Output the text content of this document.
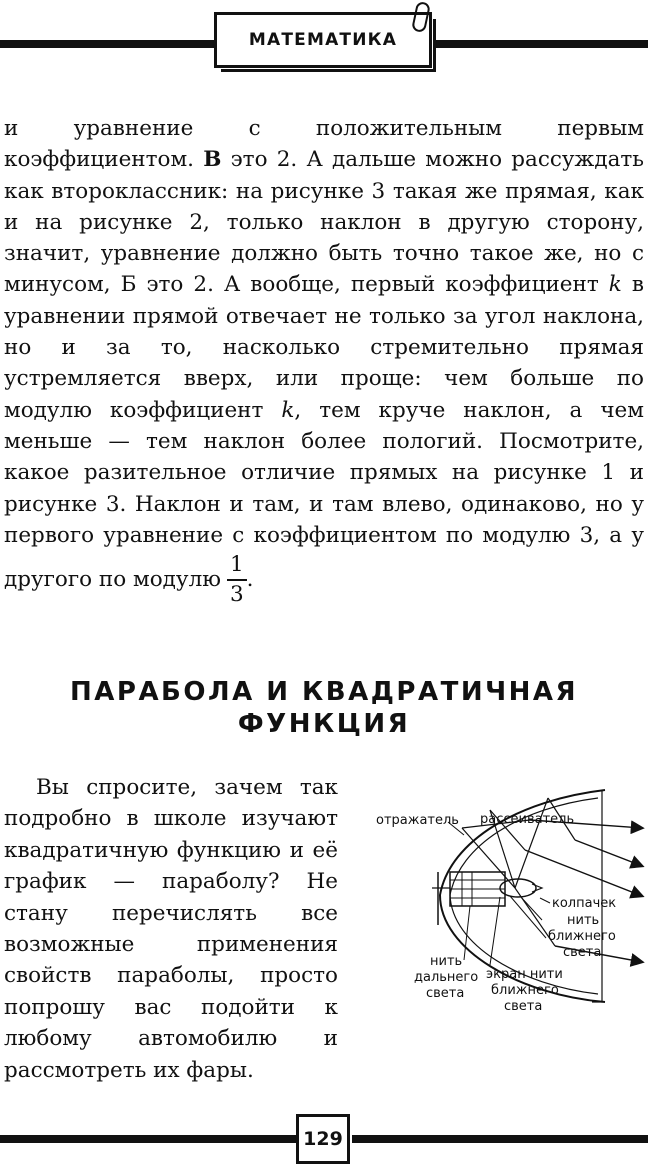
МАТЕМАТИКА

и уравнение с положительным первым коэффициентом. В это 2. А дальше можно рассуждать как второклассник: на рисунке 3 такая же прямая, как и на рисунке 2, только наклон в другую сторону, значит, уравнение должно быть точно такое же, но с минусом, Б это 2. А вообще, первый коэффициент k в уравнении прямой отвечает не только за угол наклона, но и за то, насколько стремительно прямая устремляется вверх, или проще: чем больше по модулю коэффициент k, тем круче наклон, а чем меньше — тем наклон более пологий. Посмотрите, какое разительное отличие прямых на рисунке 1 и рисунке 3. Наклон и там, и там влево, одинаково, но у первого уравнение с коэффициентом по модулю 3, а у другого по модулю $\frac{1}{3}$ .

ПАРАБОЛА И КВАДРАТИЧНАЯ
ФУНКЦИЯ

Вы спросите, зачем так подробно в школе изучают квадратичную функцию и её график — параболу? Не стану перечислять все возможные применения свойств параболы, просто попрошу вас подойти к любому автомобилю и рассмотреть их фары.

отражатель рассеиватель
колпачек
нить
ближнего
света
нить
дальнего
света
экран нити
ближнего
света
129
